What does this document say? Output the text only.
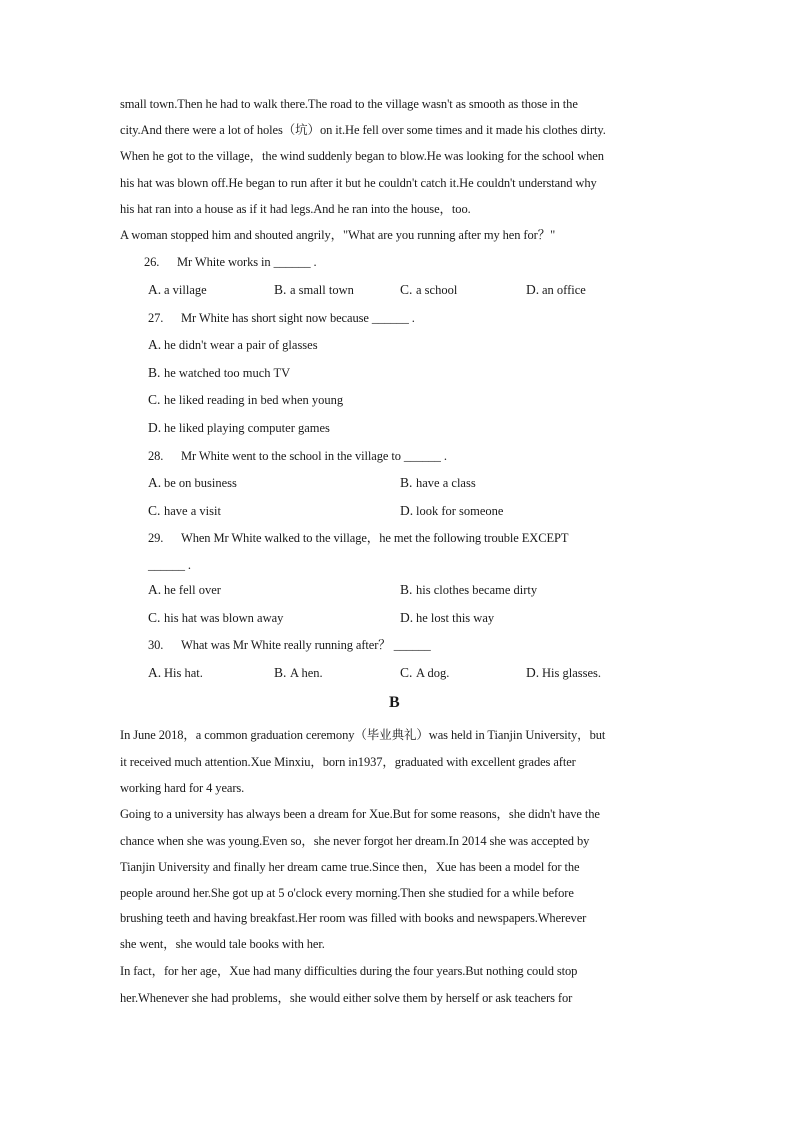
small town.Then he had to walk there.The road to the village wasn't as smooth as those in the
city.And there were a lot of holes（坑）on it.He fell over some times and it made his clothes dirty.
When he got to the village，the wind suddenly began to blow.He was looking for the school when
his hat was blown off.He began to run after it but he couldn't catch it.He couldn't understand why
his hat ran into a house as if it had legs.And he ran into the house，too.
A woman stopped him and shouted angrily，"What are you running after my hen for？"
26. Mr White works in ______ .
A. a village	B. a small town	C. a school	D. an office
27. Mr White has short sight now because ______ .
A. he didn't wear a pair of glasses
B. he watched too much TV
C. he liked reading in bed when young
D. he liked playing computer games
28. Mr White went to the school in the village to ______ .
A. be on business	B. have a class
C. have a visit	D. look for someone
29. When Mr White walked to the village，he met the following trouble EXCEPT
______ .
A. he fell over	B. his clothes became dirty
C. his hat was blown away	D. he lost this way
30. What was Mr White really running after？ ______
A. His hat.	B. A hen.	C. A dog.	D. His glasses.
B
In June 2018，a common graduation ceremony（毕业典礼）was held in Tianjin University，but
it received much attention.Xue Minxiu，born in1937，graduated with excellent grades after
working hard for 4 years.
Going to a university has always been a dream for Xue.But for some reasons，she didn't have the
chance when she was young.Even so，she never forgot her dream.In 2014 she was accepted by
Tianjin University and finally her dream came true.Since then，Xue has been a model for the
people around her.She got up at 5 o'clock every morning.Then she studied for a while before
brushing teeth and having breakfast.Her room was filled with books and newspapers.Wherever
she went，she would tale books with her.
In fact，for her age，Xue had many difficulties during the four years.But nothing could stop
her.Whenever she had problems，she would either solve them by herself or ask teachers for
